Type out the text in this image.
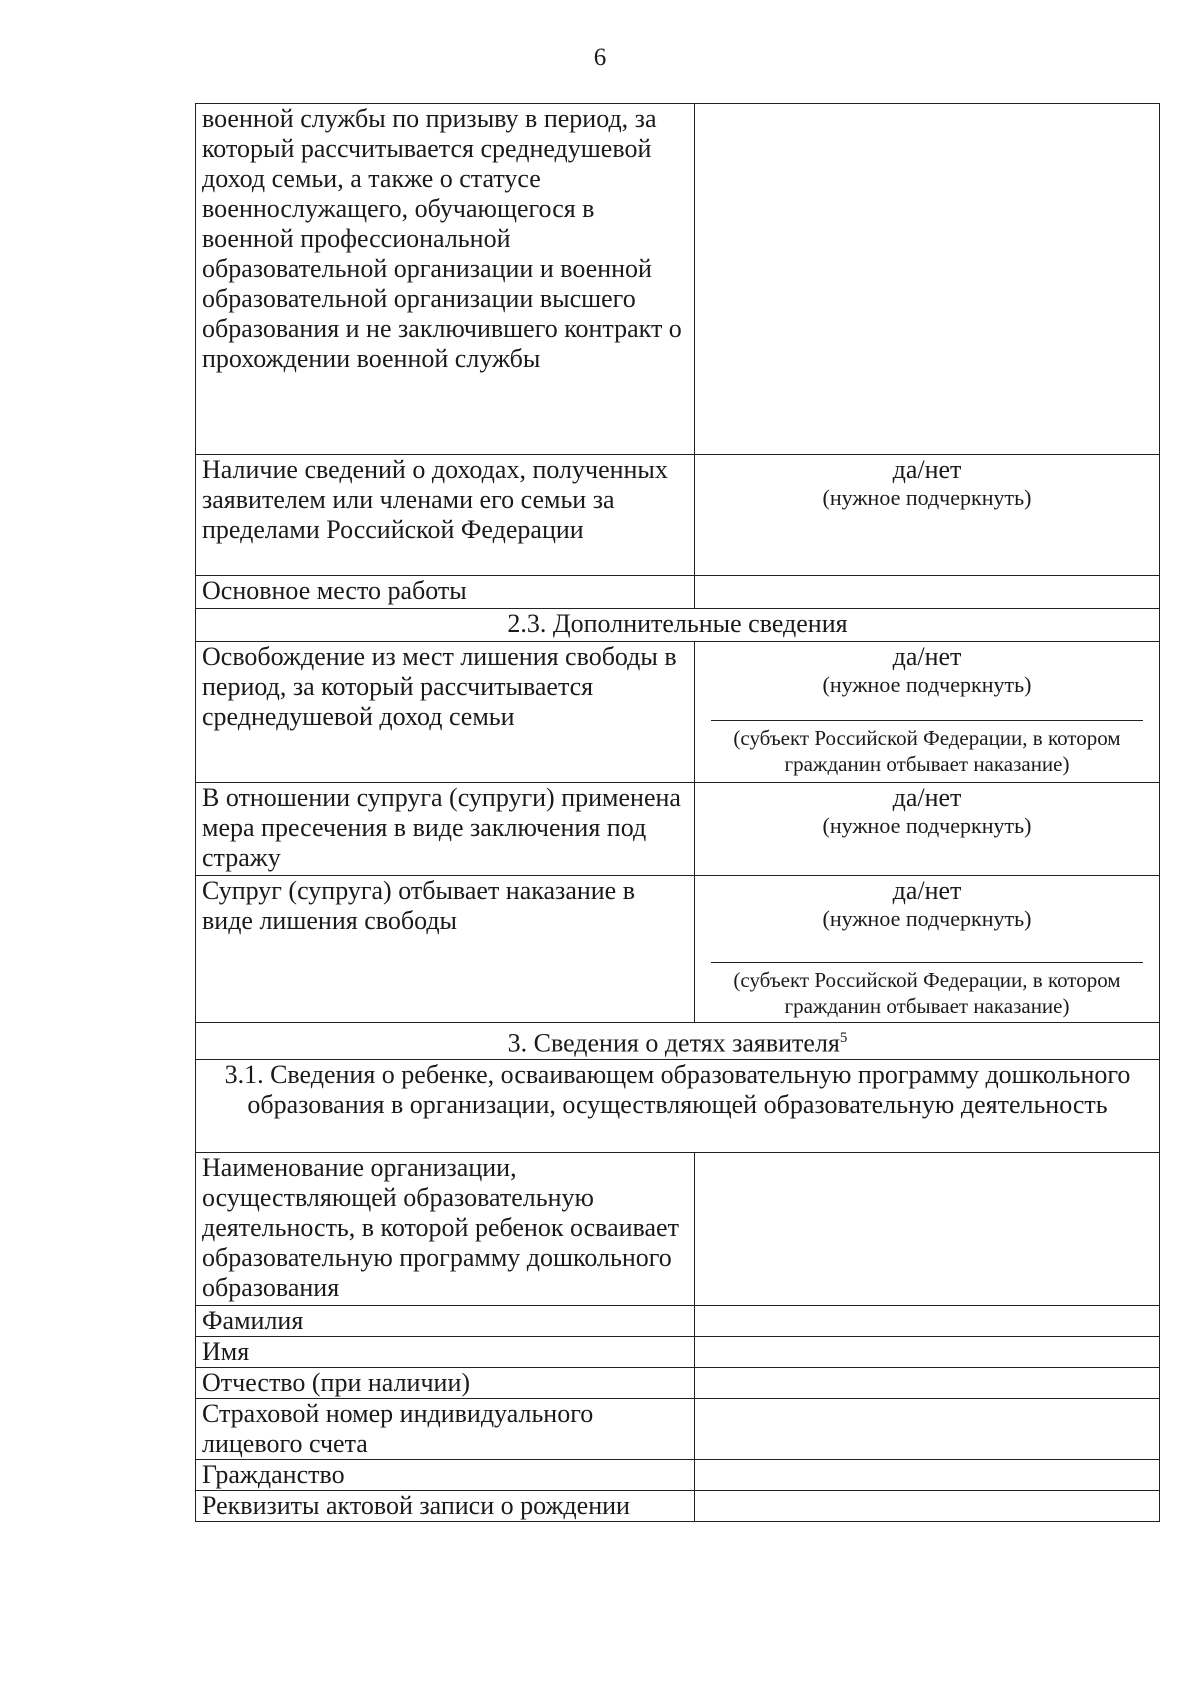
6
военной службы по призыву в период, за который рассчитывается среднедушевой доход семьи, а также о статусе военнослужащего, обучающегося в военной профессиональной образовательной организации и военной образовательной организации высшего образования и не заключившего контракт о прохождении военной службы	
Наличие сведений о доходах, полученных заявителем или членами его семьи за пределами Российской Федерации	да/нет
(нужное подчеркнуть)

Основное место работы	
2.3. Дополнительные сведения	
Освобождение из мест лишения свободы в период, за который рассчитывается среднедушевой доход семьи	да/нет
(нужное подчеркнуть)
(субъект Российской Федерации, в котором гражданин отбывает наказание)

В отношении супруга (супруги) применена мера пресечения в виде заключения под стражу	да/нет
(нужное подчеркнуть)

Супруг (супруга) отбывает наказание в виде лишения свободы	да/нет
(нужное подчеркнуть)
(субъект Российской Федерации, в котором гражданин отбывает наказание)

3. Сведения о детях заявителя$^5$
3.1. Сведения о ребенке, осваивающем образовательную программу дошкольного образования в организации, осуществляющей образовательную деятельность	
Наименование организации, осуществляющей образовательную деятельность, в которой ребенок осваивает образовательную программу дошкольного образования	
Фамилия	
Имя	
Отчество (при наличии)	
Страховой номер индивидуального лицевого счета	
Гражданство	
Реквизиты актовой записи о рождении	
